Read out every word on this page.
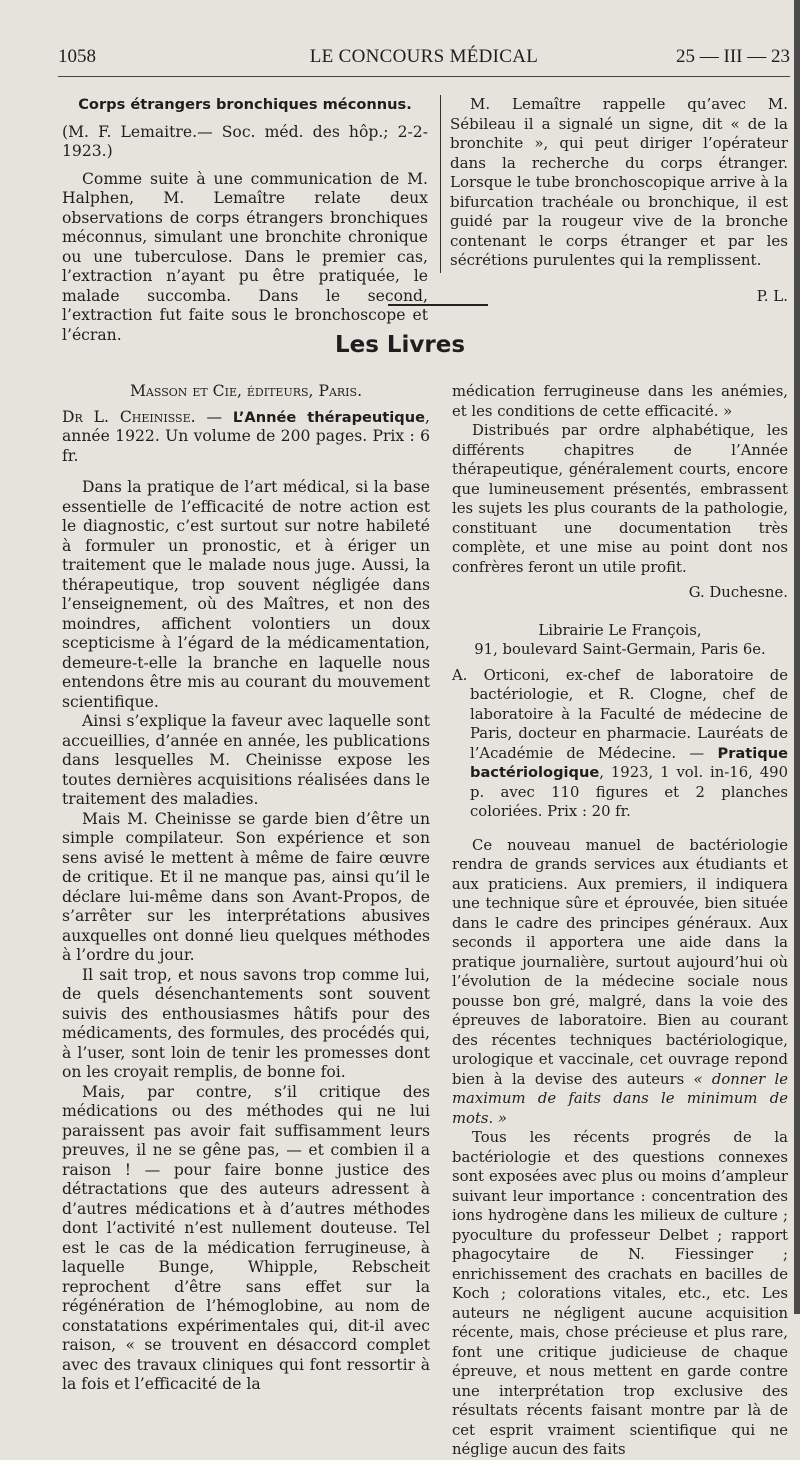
1058	LE CONCOURS MÉDICAL	25 — III — 23

Corps étrangers bronchiques méconnus.

(M. F. Lemaitre.— Soc. méd. des hôp.; 2-2-1923.)

Comme suite à une communication de M. Halphen, M. Lemaître relate deux observations de corps étrangers bronchiques méconnus, simulant une bronchite chronique ou une tuberculose. Dans le premier cas, l’extraction n’ayant pu être pratiquée, le malade succomba. Dans le second, l’extraction fut faite sous le bronchoscope et l’écran.

M. Lemaître rappelle qu’avec M. Sébileau il a signalé un signe, dit « de la bronchite », qui peut diriger l’opérateur dans la recherche du corps étranger. Lorsque le tube bronchoscopique arrive à la bifurcation trachéale ou bronchique, il est guidé par la rougeur vive de la bronche contenant le corps étranger et par les sécrétions purulentes qui la remplissent.

P. L.

Les Livres

Masson et Cie, éditeurs, Paris.

Dr L. Cheinisse. — L’Année thérapeutique, année 1922. Un volume de 200 pages. Prix : 6 fr.

Dans la pratique de l’art médical, si la base essentielle de l’efficacité de notre action est le diagnostic, c’est surtout sur notre habileté à formuler un pronostic, et à ériger un traitement que le malade nous juge. Aussi, la thérapeutique, trop souvent négligée dans l’enseignement, où des Maîtres, et non des moindres, affichent volontiers un doux scepticisme à l’égard de la médicamentation, demeure-t-elle la branche en laquelle nous entendons être mis au courant du mouvement scientifique.

Ainsi s’explique la faveur avec laquelle sont accueillies, d’année en année, les publications dans lesquelles M. Cheinisse expose les toutes dernières acquisitions réalisées dans le traitement des maladies.

Mais M. Cheinisse se garde bien d’être un simple compilateur. Son expérience et son sens avisé le mettent à même de faire œuvre de critique. Et il ne manque pas, ainsi qu’il le déclare lui-même dans son Avant-Propos, de s’arrêter sur les interprétations abusives auxquelles ont donné lieu quelques méthodes à l’ordre du jour.

Il sait trop, et nous savons trop comme lui, de quels désenchantements sont souvent suivis des enthousiasmes hâtifs pour des médicaments, des formules, des procédés qui, à l’user, sont loin de tenir les promesses dont on les croyait remplis, de bonne foi.

Mais, par contre, s’il critique des médications ou des méthodes qui ne lui paraissent pas avoir fait suffisamment leurs preuves, il ne se gêne pas, — et combien il a raison ! — pour faire bonne justice des détractations que des auteurs adressent à d’autres médications et à d’autres méthodes dont l’activité n’est nullement douteuse. Tel est le cas de la médication ferrugineuse, à laquelle Bunge, Whipple, Rebscheit reprochent d’être sans effet sur la régénération de l’hémoglobine, au nom de constatations expérimentales qui, dit-il avec raison, « se trouvent en désaccord complet avec des travaux cliniques qui font ressortir à la fois et l’efficacité de la

médication ferrugineuse dans les anémies, et les conditions de cette efficacité. »

Distribués par ordre alphabétique, les différents chapitres de l’Année thérapeutique, généralement courts, encore que lumineusement présentés, embrassent les sujets les plus courants de la pathologie, constituant une documentation très complète, et une mise au point dont nos confrères feront un utile profit.

G. Duchesne.

Librairie Le François,

91, boulevard Saint-Germain, Paris 6e.

A. Orticoni, ex-chef de laboratoire de bactériologie, et R. Clogne, chef de laboratoire à la Faculté de médecine de Paris, docteur en pharmacie. Lauréats de l’Académie de Médecine. — Pratique bactériologique, 1923, 1 vol. in-16, 490 p. avec 110 figures et 2 planches coloriées. Prix : 20 fr.

Ce nouveau manuel de bactériologie rendra de grands services aux étudiants et aux praticiens. Aux premiers, il indiquera une technique sûre et éprouvée, bien située dans le cadre des principes généraux. Aux seconds il apportera une aide dans la pratique journalière, surtout aujourd’hui où l’évolution de la médecine sociale nous pousse bon gré, malgré, dans la voie des épreuves de laboratoire. Bien au courant des récentes techniques bactériologique, urologique et vaccinale, cet ouvrage repond bien à la devise des auteurs « donner le maximum de faits dans le minimum de mots. »

Tous les récents progrés de la bactériologie et des questions connexes sont exposées avec plus ou moins d’ampleur suivant leur importance : concentration des ions hydrogène dans les milieux de culture ; pyoculture du professeur Delbet ; rapport phagocytaire de N. Fiessinger ; enrichissement des crachats en bacilles de Koch ; colorations vitales, etc., etc. Les auteurs ne négligent aucune acquisition récente, mais, chose précieuse et plus rare, font une critique judicieuse de chaque épreuve, et nous mettent en garde contre une interprétation trop exclusive des résultats récents faisant montre par là de cet esprit vraiment scientifique qui ne néglige aucun des faits
